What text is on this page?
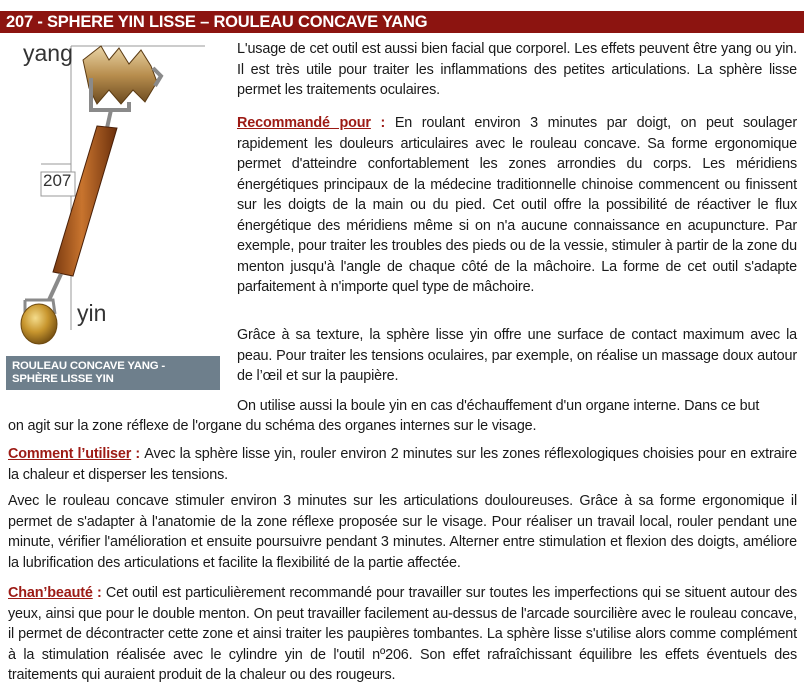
207 - SPHERE YIN LISSE – ROULEAU CONCAVE YANG
yang
207
yin
ROULEAU CONCAVE YANG -
SPHÈRE LISSE YIN

L'usage de cet outil est aussi bien facial que corporel. Les effets peuvent être yang ou yin. Il est très utile pour traiter les inflammations des petites articulations. La sphère lisse permet les traitements oculaires.

Recommandé pour : En roulant environ 3 minutes par doigt, on peut soulager rapidement les douleurs articulaires avec le rouleau concave. Sa forme ergonomique permet d'atteindre confortablement les zones arrondies du corps. Les méridiens énergétiques principaux de la médecine traditionnelle chinoise commencent ou finissent sur les doigts de la main ou du pied. Cet outil offre la possibilité de réactiver le flux énergétique des méridiens même si on n'a aucune connaissance en acupuncture. Par exemple, pour traiter les troubles des pieds ou de la vessie, stimuler à partir de la zone du menton jusqu'à l'angle de chaque côté de la mâchoire. La forme de cet outil s'adapte parfaitement à n'importe quel type de mâchoire.

Grâce à sa texture, la sphère lisse yin offre une surface de contact maximum avec la peau. Pour traiter les tensions oculaires, par exemple, on réalise un massage doux autour de l’œil et sur la paupière.

On utilise aussi la boule yin en cas d'échauffement d'un organe interne. Dans ce but

on agit sur la zone réflexe de l'organe du schéma des organes internes sur le visage.

Comment l’utiliser : Avec la sphère lisse yin, rouler environ 2 minutes sur les zones réflexologiques choisies pour en extraire la chaleur et disperser les tensions.

Avec le rouleau concave stimuler environ 3 minutes sur les articulations douloureuses. Grâce à sa forme ergonomique il permet de s'adapter à l'anatomie de la zone réflexe proposée sur le visage. Pour réaliser un travail local, rouler pendant une minute, vérifier l'amélioration et ensuite poursuivre pendant 3 minutes. Alterner entre stimulation et flexion des doigts, améliore la lubrification des articulations et facilite la flexibilité de la partie affectée.

Chan’beauté : Cet outil est particulièrement recommandé pour travailler sur toutes les imperfections qui se situent autour des yeux, ainsi que pour le double menton. On peut travailler facilement au-dessus de l'arcade sourcilière avec le rouleau concave, il permet de décontracter cette zone et ainsi traiter les paupières tombantes. La sphère lisse s'utilise alors comme complément à la stimulation réalisée avec le cylindre yin de l'outil nº206. Son effet rafraîchissant équilibre les effets éventuels des traitements qui auraient produit de la chaleur ou des rougeurs.
